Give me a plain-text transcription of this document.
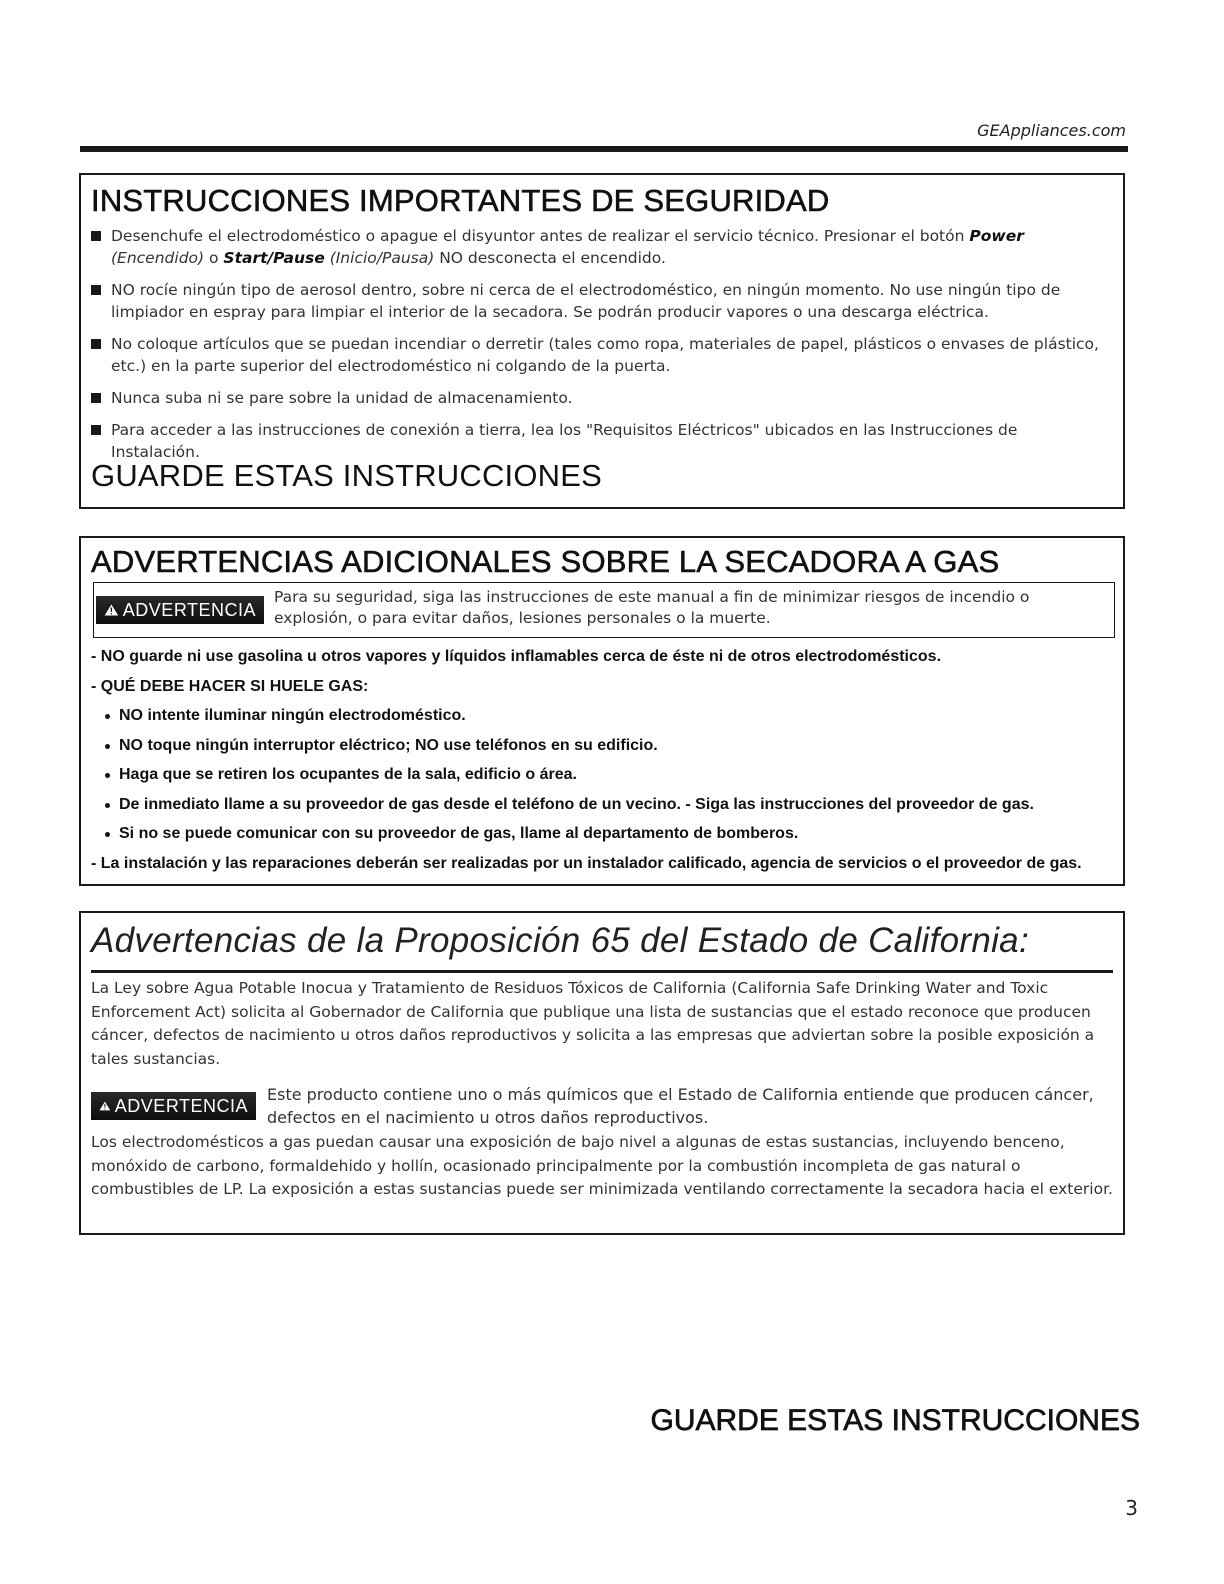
GEAppliances.com
INSTRUCCIONES IMPORTANTES DE SEGURIDAD
Desenchufe el electrodoméstico o apague el disyuntor antes de realizar el servicio técnico. Presionar el botón Power (Encendido) o Start/Pause (Inicio/Pausa) NO desconecta el encendido.
NO rocíe ningún tipo de aerosol dentro, sobre ni cerca de el electrodoméstico, en ningún momento. No use ningún tipo de limpiador en espray para limpiar el interior de la secadora. Se podrán producir vapores o una descarga eléctrica.
No coloque artículos que se puedan incendiar o derretir (tales como ropa, materiales de papel, plásticos o envases de plástico, etc.) en la parte superior del electrodoméstico ni colgando de la puerta.
Nunca suba ni se pare sobre la unidad de almacenamiento.
Para acceder a las instrucciones de conexión a tierra, lea los "Requisitos Eléctricos" ubicados en las Instrucciones de Instalación.
GUARDE ESTAS INSTRUCCIONES
ADVERTENCIAS ADICIONALES SOBRE LA SECADORA A GAS
ADVERTENCIA
Para su seguridad, siga las instrucciones de este manual a fin de minimizar riesgos de incendio o explosión, o para evitar daños, lesiones personales o la muerte.
- NO guarde ni use gasolina u otros vapores y líquidos inflamables cerca de éste ni de otros electrodomésticos.
- QUÉ DEBE HACER SI HUELE GAS:
NO intente iluminar ningún electrodoméstico.
NO toque ningún interruptor eléctrico; NO use teléfonos en su edificio.
Haga que se retiren los ocupantes de la sala, edificio o área.
De inmediato llame a su proveedor de gas desde el teléfono de un vecino. - Siga las instrucciones del proveedor de gas.
Si no se puede comunicar con su proveedor de gas, llame al departamento de bomberos.
- La instalación y las reparaciones deberán ser realizadas por un instalador calificado, agencia de servicios o el proveedor de gas.
Advertencias de la Proposición 65 del Estado de California:
La Ley sobre Agua Potable Inocua y Tratamiento de Residuos Tóxicos de California (California Safe Drinking Water and Toxic Enforcement Act) solicita al Gobernador de California que publique una lista de sustancias que el estado reconoce que producen cáncer, defectos de nacimiento u otros daños reproductivos y solicita a las empresas que adviertan sobre la posible exposición a tales sustancias.
ADVERTENCIA
Este producto contiene uno o más químicos que el Estado de California entiende que producen cáncer, defectos en el nacimiento u otros daños reproductivos.
Los electrodomésticos a gas puedan causar una exposición de bajo nivel a algunas de estas sustancias, incluyendo benceno, monóxido de carbono, formaldehido y hollín, ocasionado principalmente por la combustión incompleta de gas natural o combustibles de LP. La exposición a estas sustancias puede ser minimizada ventilando correctamente la secadora hacia el exterior.
GUARDE ESTAS INSTRUCCIONES
3
